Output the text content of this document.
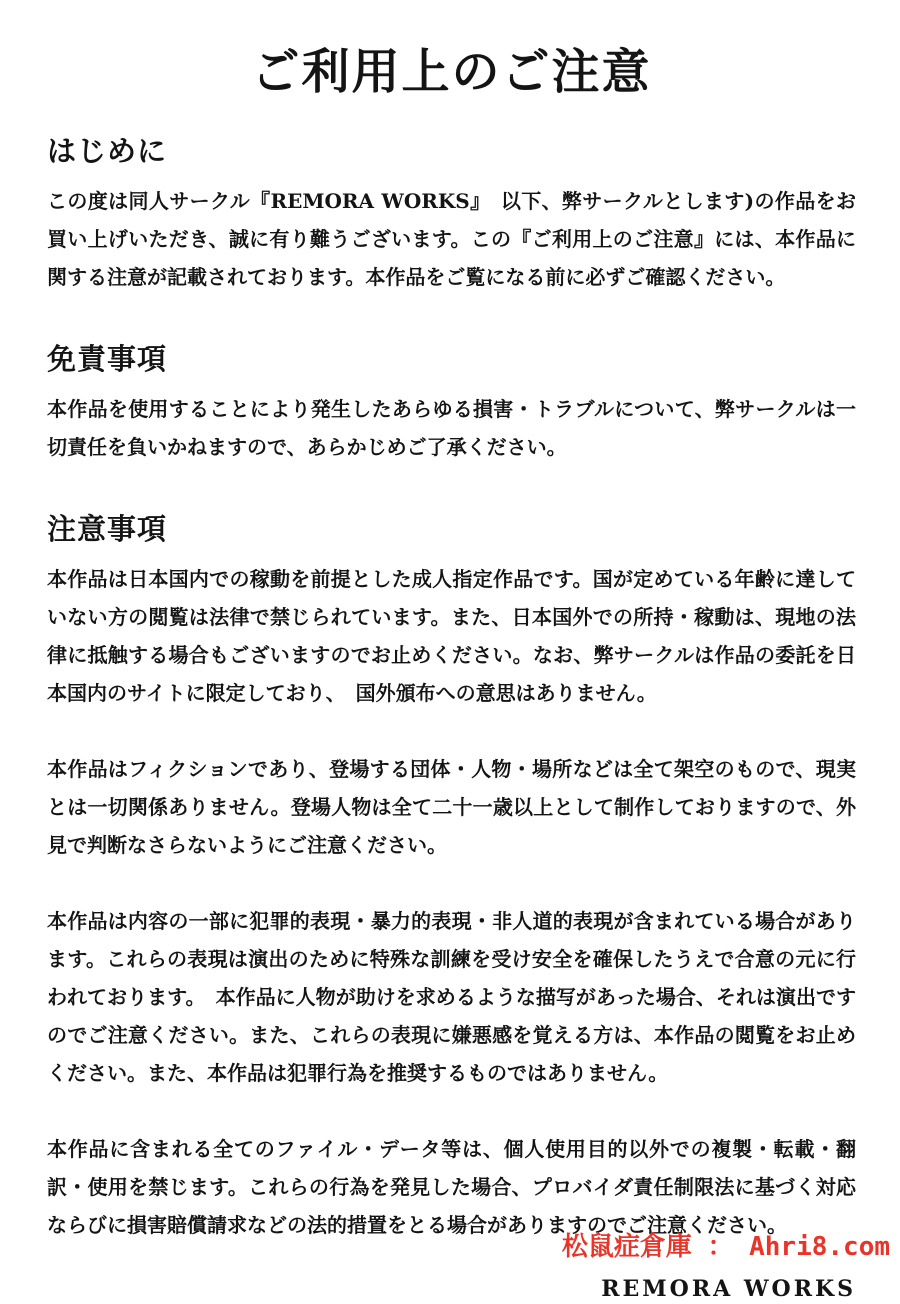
ご利用上のご注意
はじめに

この度は同人サークル『REMORA WORKS』　以下、弊サークルとします)の作品をお買い上げいただき、誠に有り難うございます。この『ご利用上のご注意』には、本作品に関する注意が記載されております。本作品をご覧になる前に必ずご確認ください。

免責事項

本作品を使用することにより発生したあらゆる損害・トラブルについて、弊サークルは一切責任を負いかねますので、あらかじめご了承ください。

注意事項

本作品は日本国内での稼動を前提とした成人指定作品です。国が定めている年齢に達していない方の閲覧は法律で禁じられています。また、日本国外での所持・稼動は、現地の法律に抵触する場合もございますのでお止めください。なお、弊サークルは作品の委託を日本国内のサイトに限定しており、　国外頒布への意思はありません。

本作品はフィクションであり、登場する団体・人物・場所などは全て架空のもので、現実とは一切関係ありません。登場人物は全て二十一歳以上として制作しておりますので、外見で判断なさらないようにご注意ください。

本作品は内容の一部に犯罪的表現・暴力的表現・非人道的表現が含まれている場合があります。これらの表現は演出のために特殊な訓練を受け安全を確保したうえで合意の元に行われております。　本作品に人物が助けを求めるような描写があった場合、それは演出ですのでご注意ください。また、これらの表現に嫌悪感を覚える方は、本作品の閲覧をお止めください。また、本作品は犯罪行為を推奨するものではありません。

本作品に含まれる全てのファイル・データ等は、個人使用目的以外での複製・転載・翻訳・使用を禁じます。これらの行為を発見した場合、プロバイダ責任制限法に基づく対応ならびに損害賠償請求などの法的措置をとる場合がありますのでご注意ください。

REMORA WORKS
松鼠症倉庫 ： Ahri8.com
